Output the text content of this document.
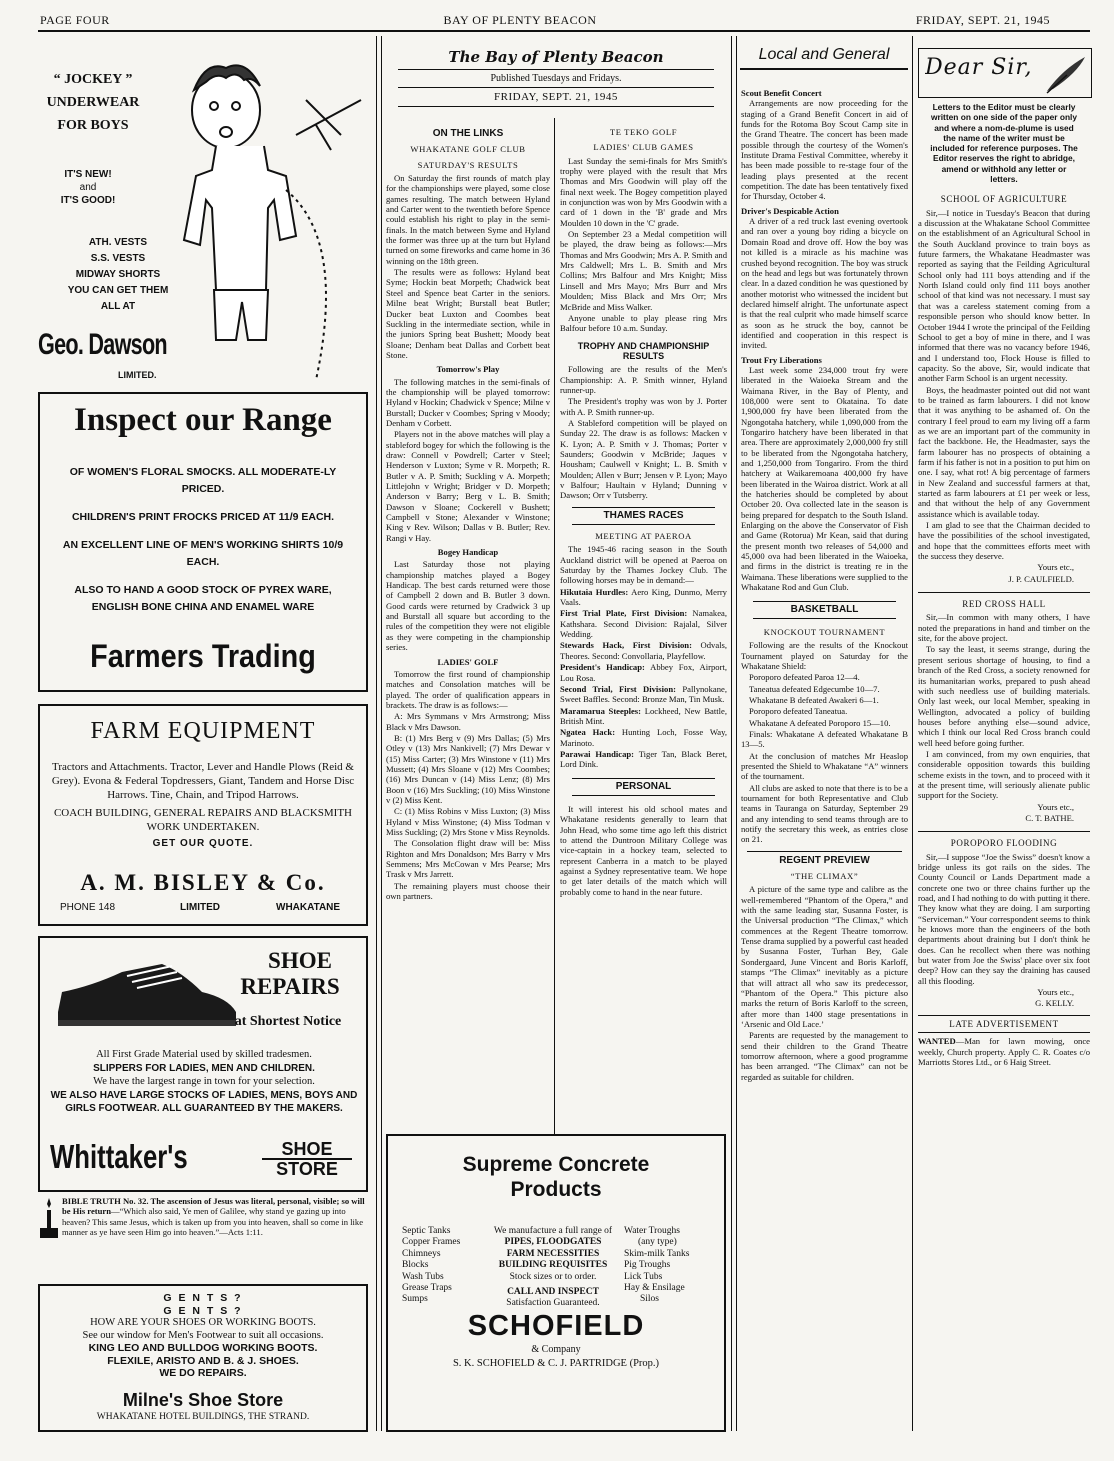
PAGE FOUR	BAY OF PLENTY BEACON	FRIDAY, SEPT. 21, 1945
“ JOCKEY ”
UNDERWEAR
FOR BOYS
IT'S NEW!
and
IT'S GOOD!
ATH. VESTS
S.S. VESTS
MIDWAY SHORTS
YOU CAN GET THEM
ALL AT
Geo. Dawson
LIMITED.
Inspect our Range
OF WOMEN'S FLORAL SMOCKS. ALL MODERATE-LY PRICED.
CHILDREN'S PRINT FROCKS PRICED AT 11/9 EACH.
AN EXCELLENT LINE OF MEN'S WORKING SHIRTS 10/9 EACH.
ALSO TO HAND A GOOD STOCK OF PYREX WARE, ENGLISH BONE CHINA AND ENAMEL WARE
Farmers Trading
FARM EQUIPMENT
Tractors and Attachments. Tractor, Lever and Handle Plows (Reid & Grey). Evona & Federal Topdressers, Giant, Tandem and Horse Disc Harrows. Tine, Chain, and Tripod Harrows.
COACH BUILDING, GENERAL REPAIRS AND BLACKSMITH WORK UNDERTAKEN.
GET OUR QUOTE.
A. M. BISLEY & Co.
PHONE 148	LIMITED	WHAKATANE
SHOE
REPAIRS
at Shortest Notice
All First Grade Material used by skilled tradesmen.
SLIPPERS FOR LADIES, MEN AND CHILDREN.
We have the largest range in town for your selection.
WE ALSO HAVE LARGE STOCKS OF LADIES, MENS, BOYS AND GIRLS FOOTWEAR. ALL GUARANTEED BY THE MAKERS.
Whittaker's	SHOE
STORE
BIBLE TRUTH No. 32. The ascension of Jesus was literal, personal, visible; so will be His return—“Which also said, Ye men of Galilee, why stand ye gazing up into heaven? This same Jesus, which is taken up from you into heaven, shall so come in like manner as ye have seen Him go into heaven.”—Acts 1:11.
G E N T S ?
G E N T S ?
HOW ARE YOUR SHOES OR WORKING BOOTS.
See our window for Men's Footwear to suit all occasions.
KING LEO AND BULLDOG WORKING BOOTS.
FLEXILE, ARISTO AND B. & J. SHOES.
WE DO REPAIRS.
Milne's Shoe Store
WHAKATANE HOTEL BUILDINGS, THE STRAND.
The Bay of Plenty Beacon
Published Tuesdays and Fridays.
FRIDAY, SEPT. 21, 1945
ON THE LINKS
WHAKATANE GOLF CLUB
SATURDAY'S RESULTS

On Saturday the first rounds of match play for the championships were played, some close games resulting. The match between Hyland and Carter went to the twentieth before Spence could establish his right to play in the semi-finals. In the match between Syme and Hyland the former was three up at the turn but Hyland turned on some fireworks and came home in 36 winning on the 18th green.

The results were as follows: Hyland beat Syme; Hockin beat Morpeth; Chadwick beat Steel and Spence beat Carter in the seniors. Milne beat Wright; Burstall beat Butler; Ducker beat Luxton and Coombes beat Suckling in the intermediate section, while in the juniors Spring beat Bushett; Moody beat Sloane; Denham beat Dallas and Corbett beat Stone.

Tomorrow's Play

The following matches in the semi-finals of the championship will be played tomorrow: Hyland v Hockin; Chadwick v Spence; Milne v Burstall; Ducker v Coombes; Spring v Moody; Denham v Corbett.

Players not in the above matches will play a stableford bogey for which the following is the draw: Connell v Powdrell; Carter v Steel; Henderson v Luxton; Syme v R. Morpeth; R. Butler v A. P. Smith; Suckling v A. Morpeth; Littlejohn v Wright; Bridger v D. Morpeth; Anderson v Barry; Berg v L. B. Smith; Dawson v Sloane; Cockerell v Bushett; Campbell v Stone; Alexander v Winstone; King v Rev. Wilson; Dallas v B. Butler; Rev. Rangi v Hay.

Bogey Handicap

Last Saturday those not playing championship matches played a Bogey Handicap. The best cards returned were those of Campbell 2 down and B. Butler 3 down. Good cards were returned by Cradwick 3 up and Burstall all square but according to the rules of the competition they were not eligible as they were competing in the championship series.

LADIES' GOLF

Tomorrow the first round of championship matches and Consolation matches will be played. The order of qualification appears in brackets. The draw is as follows:—

A: Mrs Symmans v Mrs Armstrong; Miss Black v Mrs Dawson.

B: (1) Mrs Berg v (9) Mrs Dallas; (5) Mrs Otley v (13) Mrs Nankivell; (7) Mrs Dewar v (15) Miss Carter; (3) Mrs Winstone v (11) Mrs Mussett; (4) Mrs Sloane v (12) Mrs Coombes; (16) Mrs Duncan v (14) Miss Lenz; (8) Mrs Boon v (16) Mrs Suckling; (10) Miss Winstone v (2) Miss Kent.

C: (1) Miss Robins v Miss Luxton; (3) Miss Hyland v Miss Winstone; (4) Miss Todman v Miss Suckling; (2) Mrs Stone v Miss Reynolds.

The Consolation flight draw will be: Miss Righton and Mrs Donaldson; Mrs Barry v Mrs Semmens; Mrs McCowan v Mrs Pearse; Mrs Trask v Mrs Jarrett.

The remaining players must choose their own partners.

TE TEKO GOLF
LADIES' CLUB GAMES

Last Sunday the semi-finals for Mrs Smith's trophy were played with the result that Mrs Thomas and Mrs Goodwin will play off the final next week. The Bogey competition played in conjunction was won by Mrs Goodwin with a card of 1 down in the 'B' grade and Mrs Moulden 10 down in the 'C' grade.

On September 23 a Medal competition will be played, the draw being as follows:—Mrs Thomas and Mrs Goodwin; Mrs A. P. Smith and Mrs Caldwell; Mrs L. B. Smith and Mrs Collins; Mrs Balfour and Mrs Knight; Miss Linsell and Mrs Mayo; Mrs Burr and Mrs Moulden; Miss Black and Mrs Orr; Mrs McBride and Miss Walker.

Anyone unable to play please ring Mrs Balfour before 10 a.m. Sunday.

TROPHY AND CHAMPIONSHIP RESULTS

Following are the results of the Men's Championship: A. P. Smith winner, Hyland runner-up.

The President's trophy was won by J. Porter with A. P. Smith runner-up.

A Stableford competition will be played on Sunday 22. The draw is as follows: Macken v K. Lyon; A. P. Smith v J. Thomas; Porter v Saunders; Goodwin v McBride; Jaques v Housham; Caulwell v Knight; L. B. Smith v Moulden; Allen v Burr; Jensen v P. Lyon; Mayo v Balfour; Haultain v Hyland; Dunning v Dawson; Orr v Tutsberry.

THAMES RACES
MEETING AT PAEROA

The 1945-46 racing season in the South Auckland district will be opened at Paeroa on Saturday by the Thames Jockey Club. The following horses may be in demand:—

Hikutaia Hurdles: Aero King, Dunmo, Merry Vaals.

First Trial Plate, First Division: Namakea, Kathshara. Second Division: Rajalal, Silver Wedding.

Stewards Hack, First Division: Odvals, Theores. Second: Convollaria, Playfellow.

President's Handicap: Abbey Fox, Airport, Lou Rosa.

Second Trial, First Division: Pallynokane, Sweet Baffles. Second: Bronze Man, Tin Musk.

Maramarua Steeples: Lockheed, New Battle, British Mint.

Ngatea Hack: Hunting Loch, Fosse Way, Marinoto.

Parawai Handicap: Tiger Tan, Black Beret, Lord Dink.

PERSONAL

It will interest his old school mates and Whakatane residents generally to learn that John Head, who some time ago left this district to attend the Duntroon Military College was vice-captain in a hockey team, selected to represent Canberra in a match to be played against a Sydney representative team. We hope to get later details of the match which will probably come to hand in the near future.

Supreme Concrete
Products
Septic Tanks
Copper Frames
Chimneys
Blocks
Wash Tubs
Grease Traps
Sumps
We manufacture a full range of
PIPES, FLOODGATES
FARM NECESSITIES
BUILDING REQUISITES
Stock sizes or to order.
CALL AND INSPECT
Satisfaction Guaranteed.
Water Troughs
(any type)
Skim-milk Tanks
Pig Troughs
Lick Tubs
Hay & Ensilage
Silos
SCHOFIELD
& Company
S. K. SCHOFIELD & C. J. PARTRIDGE (Prop.)
Local and General
Scout Benefit Concert

Arrangements are now proceeding for the staging of a Grand Benefit Concert in aid of funds for the Rotoma Boy Scout Camp site in the Grand Theatre. The concert has been made possible through the courtesy of the Women's Institute Drama Festival Committee, whereby it has been made possible to re-stage four of the leading plays presented at the recent competition. The date has been tentatively fixed for Thursday, October 4.

Driver's Despicable Action

A driver of a red truck last evening overtook and ran over a young boy riding a bicycle on Domain Road and drove off. How the boy was not killed is a miracle as his machine was crushed beyond recognition. The boy was struck on the head and legs but was fortunately thrown clear. In a dazed condition he was questioned by another motorist who witnessed the incident but declared himself alright. The unfortunate aspect is that the real culprit who made himself scarce as soon as he struck the boy, cannot be identified and cooperation in this respect is invited.

Trout Fry Liberations

Last week some 234,000 trout fry were liberated in the Waioeka Stream and the Waimana River, in the Bay of Plenty, and 108,000 were sent to Okataina. To date 1,900,000 fry have been liberated from the Ngongotaha hatchery, while 1,090,000 from the Tongariro hatchery have been liberated in that area. There are approximately 2,000,000 fry still to be liberated from the Ngongotaha hatchery, and 1,250,000 from Tongariro. From the third hatchery at Waikaremoana 400,000 fry have been liberated in the Wairoa district. Work at all the hatcheries should be completed by about October 20. Ova collected late in the season is being prepared for despatch to the South Island. Enlarging on the above the Conservator of Fish and Game (Rotorua) Mr Kean, said that during the present month two releases of 54,000 and 45,000 ova had been liberated in the Waioeka, and firms in the district is treating re in the Waimana. These liberations were supplied to the Whakatane Rod and Gun Club.

BASKETBALL
KNOCKOUT TOURNAMENT

Following are the results of the Knockout Tournament played on Saturday for the Whakatane Shield:

Poroporo defeated Paroa 12—4.

Taneatua defeated Edgecumbe 10—7.

Whakatane B defeated Awakeri 6—1.

Poroporo defeated Taneatua.

Whakatane A defeated Poroporo 15—10.

Finals: Whakatane A defeated Whakatane B 13—5.

At the conclusion of matches Mr Heaslop presented the Shield to Whakatane “A” winners of the tournament.

All clubs are asked to note that there is to be a tournament for both Representative and Club teams in Tauranga on Saturday, September 29 and any intending to send teams through are to notify the secretary this week, as entries close on 21.

REGENT PREVIEW
“THE CLIMAX”

A picture of the same type and calibre as the well-remembered “Phantom of the Opera,” and with the same leading star, Susanna Foster, is the Universal production “The Climax,” which commences at the Regent Theatre tomorrow. Tense drama supplied by a powerful cast headed by Susanna Foster, Turhan Bey, Gale Sondergaard, June Vincent and Boris Karloff, stamps “The Climax” inevitably as a picture that will attract all who saw its predecessor, “Phantom of the Opera.” This picture also marks the return of Boris Karloff to the screen, after more than 1400 stage presentations in ‘Arsenic and Old Lace.’

Parents are requested by the management to send their children to the Grand Theatre tomorrow afternoon, where a good programme has been arranged. “The Climax” can not be regarded as suitable for children.

Dear Sir,
Letters to the Editor must be clearly written on one side of the paper only and where a nom-de-plume is used the name of the writer must be included for reference purposes. The Editor reserves the right to abridge, amend or withhold any letter or letters.
SCHOOL OF AGRICULTURE

Sir,—I notice in Tuesday's Beacon that during a discussion at the Whakatane School Committee on the establishment of an Agricultural School in the South Auckland province to train boys as future farmers, the Whakatane Headmaster was reported as saying that the Feilding Agricultural School only had 111 boys attending and if the North Island could only find 111 boys another school of that kind was not necessary. I must say that was a careless statement coming from a responsible person who should know better. In October 1944 I wrote the principal of the Feilding School to get a boy of mine in there, and I was informed that there was no vacancy before 1946, and I understand too, Flock House is filled to capacity. So the above, Sir, would indicate that another Farm School is an urgent necessity.

Boys, the headmaster pointed out did not want to be trained as farm labourers. I did not know that it was anything to be ashamed of. On the contrary I feel proud to earn my living off a farm as we are an important part of the community in fact the backbone. He, the Headmaster, says the farm labourer has no prospects of obtaining a farm if his father is not in a position to put him on one. I say, what rot! A big percentage of farmers in New Zealand and successful farmers at that, started as farm labourers at £1 per week or less, and that without the help of any Government assistance which is available today.

I am glad to see that the Chairman decided to have the possibilities of the school investigated, and hope that the committees efforts meet with the success they deserve.

Yours etc.,

J. P. CAULFIELD.

RED CROSS HALL

Sir,—In common with many others, I have noted the preparations in hand and timber on the site, for the above project.

To say the least, it seems strange, during the present serious shortage of housing, to find a branch of the Red Cross, a society renowned for its humanitarian works, prepared to push ahead with such needless use of building materials. Only last week, our local Member, speaking in Wellington, advocated a policy of building houses before anything else—sound advice, which I think our local Red Cross branch could well heed before going further.

I am convinced, from my own enquiries, that considerable opposition towards this building scheme exists in the town, and to proceed with it at the present time, will seriously alienate public support for the Society.

Yours etc.,

C. T. BATHE.

POROPORO FLOODING

Sir,—I suppose “Joe the Swiss” doesn't know a bridge unless its got rails on the sides. The County Council or Lands Department made a concrete one two or three chains further up the road, and I had nothing to do with putting it there. They know what they are doing. I am surporting “Serviceman.” Your correspondent seems to think he knows more than the engineers of the both departments about draining but I don't think he does. Can he recollect when there was nothing but water from Joe the Swiss' place over six foot deep? How can they say the draining has caused all this flooding.

Yours etc.,

G. KELLY.

LATE ADVERTISEMENT

WANTED—Man for lawn mowing, once weekly, Church property. Apply C. R. Coates c/o Marriotts Stores Ltd., or 6 Haig Street.
